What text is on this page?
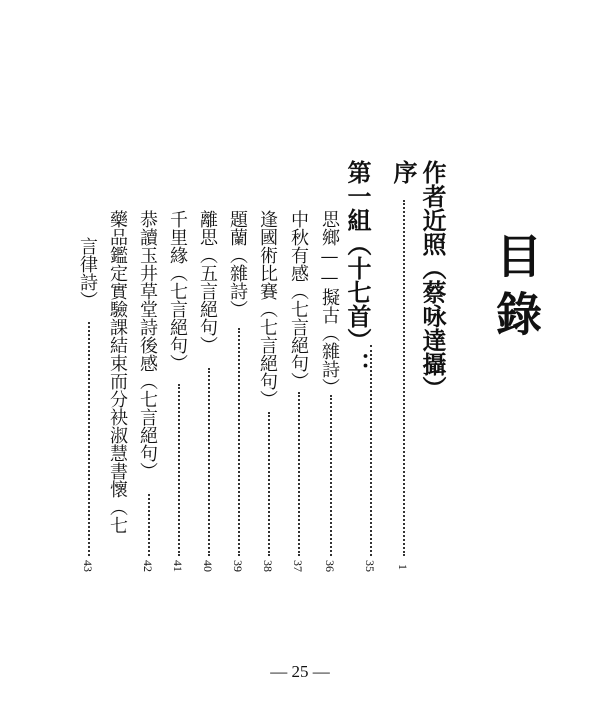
目
錄
作者近照（蔡咏達攝）
序
1
第一組（十七首）：
35
思鄉——擬古（雜詩）
36
中秋有感（七言絕句）
37
逢國術比賽（七言絕句）
38
題蘭（雜詩）
39
離思（五言絕句）
40
千里緣（七言絕句）
41
恭讀玉井草堂詩後感（七言絕句）
42
藥品鑑定實驗課結束而分袂淑慧書懷（七
言律詩）
43
— 25 —
